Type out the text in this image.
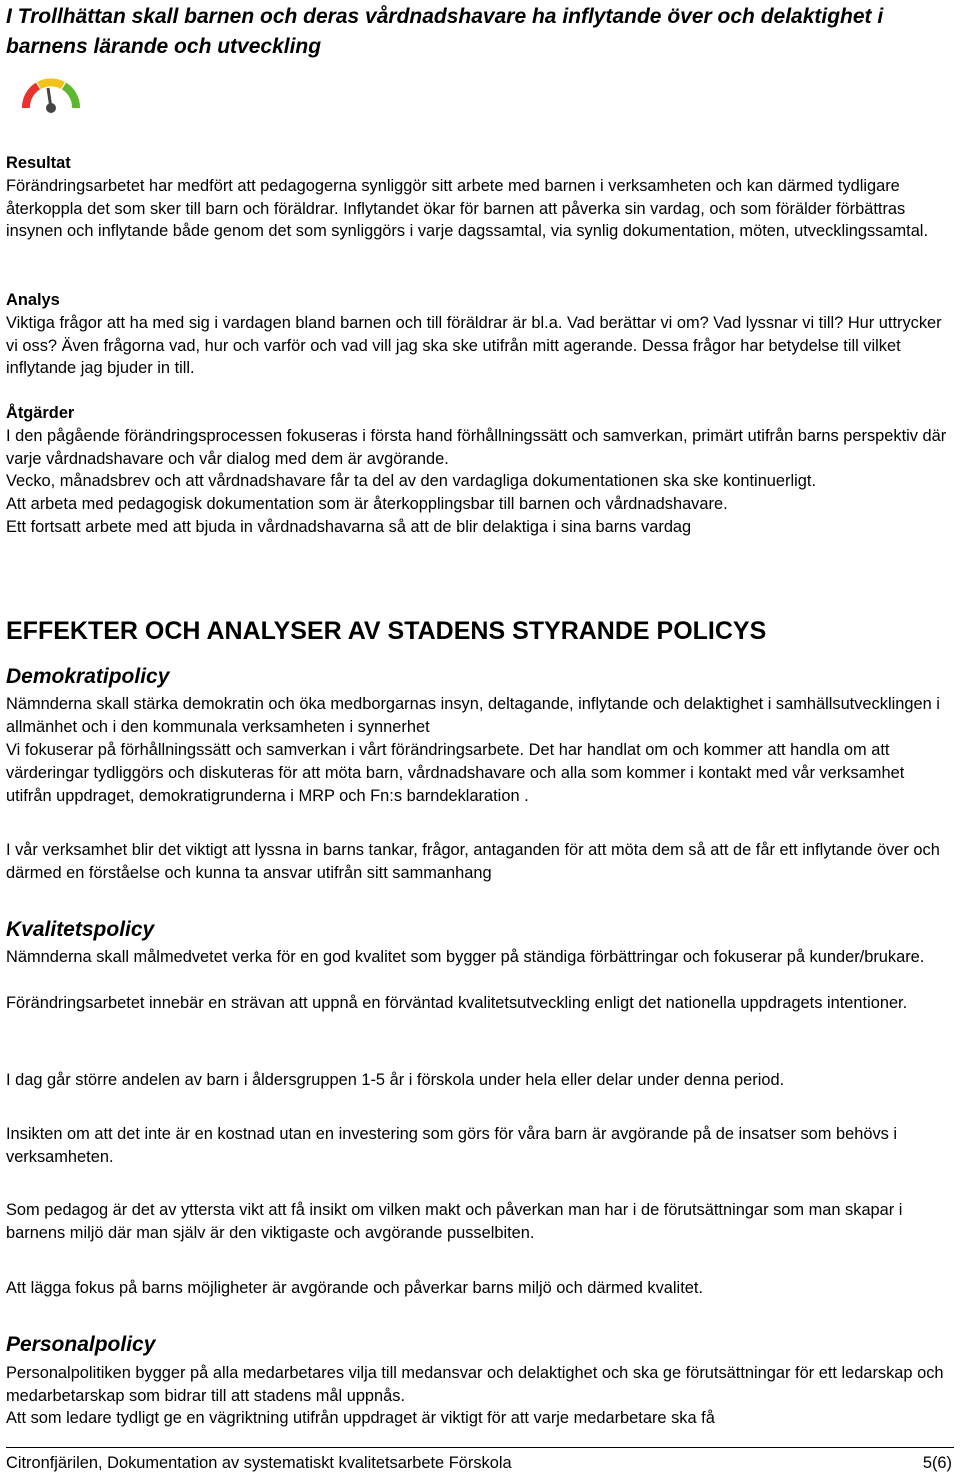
I Trollhättan skall barnen och deras vårdnadshavare ha inflytande över och delaktighet i barnens lärande och utveckling

Resultat

Förändringsarbetet har medfört att pedagogerna synliggör sitt arbete med barnen i verksamheten och kan därmed tydligare återkoppla det som sker till barn och föräldrar. Inflytandet ökar för barnen att påverka sin vardag, och som förälder förbättras insynen och inflytande både genom det som synliggörs i varje dagssamtal, via synlig dokumentation, möten, utvecklingssamtal.

Analys

Viktiga frågor att ha med sig i vardagen bland barnen och till föräldrar är bl.a. Vad berättar vi om? Vad lyssnar vi till? Hur uttrycker vi oss? Även frågorna vad, hur och varför och vad vill jag ska ske utifrån mitt agerande. Dessa frågor har betydelse till vilket inflytande jag bjuder in till.

Åtgärder

I den pågående förändringsprocessen fokuseras i första hand förhållningssätt och samverkan, primärt utifrån barns perspektiv där varje vårdnadshavare och vår dialog med dem är avgörande.

Vecko, månadsbrev och att vårdnadshavare får ta del av den vardagliga dokumentationen ska ske kontinuerligt.

Att arbeta med pedagogisk dokumentation som är återkopplingsbar till barnen och vårdnadshavare.

Ett fortsatt arbete med att bjuda in vårdnadshavarna så att de blir delaktiga i sina barns vardag

EFFEKTER OCH ANALYSER AV STADENS STYRANDE POLICYS
Demokratipolicy
Nämnderna skall stärka demokratin och öka medborgarnas insyn, deltagande, inflytande och delaktighet i samhällsutvecklingen i allmänhet och i den kommunala verksamheten i synnerhet
Vi fokuserar på förhållningssätt och samverkan i vårt förändringsarbete. Det har handlat om och kommer att handla om att värderingar tydliggörs och diskuteras för att möta barn, vårdnadshavare och alla som kommer i kontakt med vår verksamhet utifrån uppdraget, demokratigrunderna i MRP och Fn:s barndeklaration .
I vår verksamhet blir det viktigt att lyssna in barns tankar, frågor, antaganden för att möta dem så att de får ett inflytande över och därmed en förståelse och kunna ta ansvar utifrån sitt sammanhang
Kvalitetspolicy
Nämnderna skall målmedvetet verka för en god kvalitet som bygger på ständiga förbättringar och fokuserar på kunder/brukare.
Förändringsarbetet innebär en strävan att uppnå en förväntad kvalitetsutveckling enligt det nationella uppdragets intentioner.
I dag går större andelen av barn i åldersgruppen 1-5 år i förskola under hela eller delar under denna period.
Insikten om att det inte är en kostnad utan en investering som görs för våra barn är avgörande på de insatser som behövs i verksamheten.
Som pedagog är det av yttersta vikt att få insikt om vilken makt och påverkan man har i de förutsättningar som man skapar i barnens miljö där man själv är den viktigaste och avgörande pusselbiten.
Att lägga fokus på barns möjligheter är avgörande och påverkar barns miljö och därmed kvalitet.
Personalpolicy
Personalpolitiken bygger på alla medarbetares vilja till medansvar och delaktighet och ska ge förutsättningar för ett ledarskap och medarbetarskap som bidrar till att stadens mål uppnås.
Att som ledare tydligt ge en vägriktning utifrån uppdraget är viktigt för att varje medarbetare ska få
Citronfjärilen, Dokumentation av systematiskt kvalitetsarbete Förskola	5(6)
